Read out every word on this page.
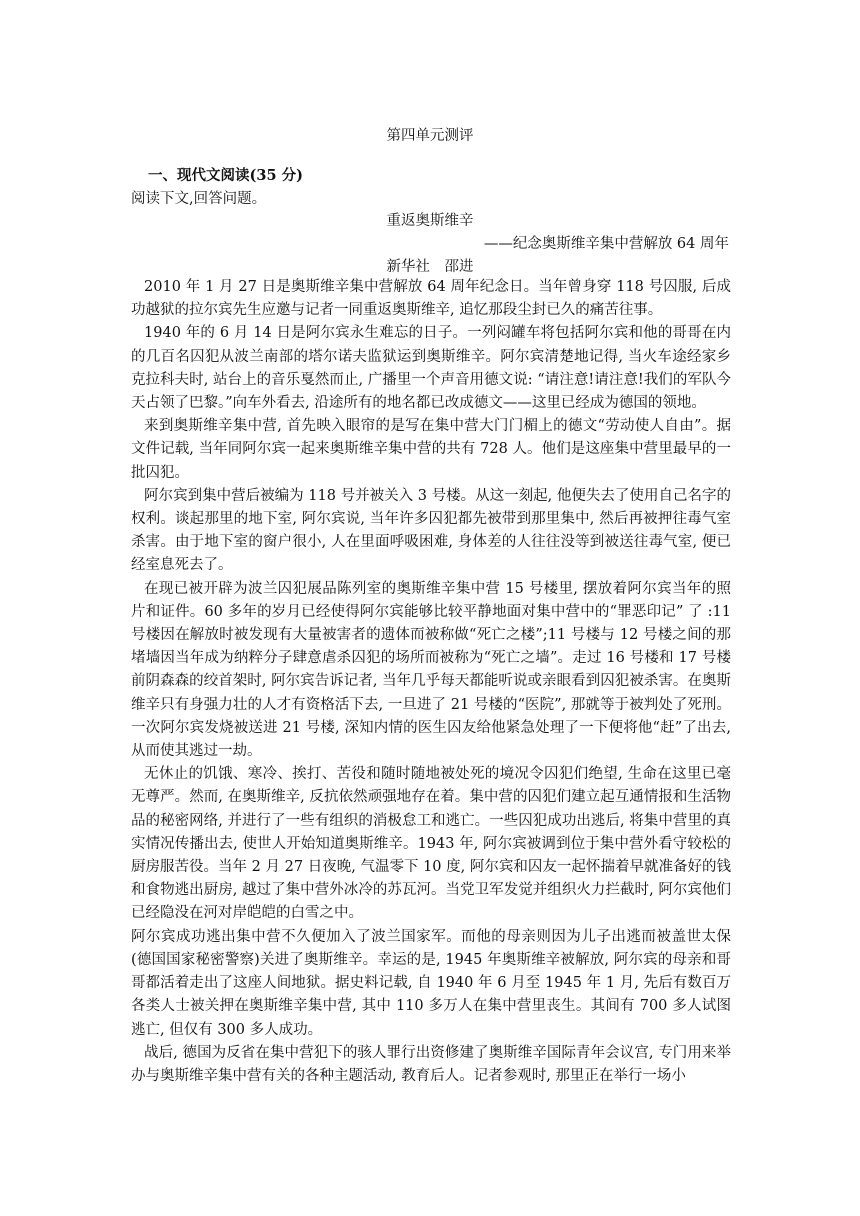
第四单元测评
一、现代文阅读(35 分)
阅读下文,回答问题。
重返奥斯维辛
——纪念奥斯维辛集中营解放 64 周年
新华社 邵进

2010 年 1 月 27 日是奥斯维辛集中营解放 64 周年纪念日。当年曾身穿 118 号囚服, 后成功越狱的拉尔宾先生应邀与记者一同重返奥斯维辛, 追忆那段尘封已久的痛苦往事。

1940 年的 6 月 14 日是阿尔宾永生难忘的日子。一列闷罐车将包括阿尔宾和他的哥哥在内的几百名囚犯从波兰南部的塔尔诺夫监狱运到奥斯维辛。阿尔宾清楚地记得, 当火车途经家乡克拉科夫时, 站台上的音乐戛然而止, 广播里一个声音用德文说: “请注意!请注意!我们的军队今天占领了巴黎。”向车外看去, 沿途所有的地名都已改成德文——这里已经成为德国的领地。

来到奥斯维辛集中营, 首先映入眼帘的是写在集中营大门门楣上的德文“劳动使人自由”。据文件记载, 当年同阿尔宾一起来奥斯维辛集中营的共有 728 人。他们是这座集中营里最早的一批囚犯。

阿尔宾到集中营后被编为 118 号并被关入 3 号楼。从这一刻起, 他便失去了使用自己名字的权利。谈起那里的地下室, 阿尔宾说, 当年许多囚犯都先被带到那里集中, 然后再被押往毒气室杀害。由于地下室的窗户很小, 人在里面呼吸困难, 身体差的人往往没等到被送往毒气室, 便已经室息死去了。

在现已被开辟为波兰囚犯展品陈列室的奥斯维辛集中营 15 号楼里, 摆放着阿尔宾当年的照片和证件。60 多年的岁月已经使得阿尔宾能够比较平静地面对集中营中的“罪恶印记” 了 :11 号楼因在解放时被发现有大量被害者的遗体而被称做“死亡之楼”;11 号楼与 12 号楼之间的那堵墙因当年成为纳粹分子肆意虐杀囚犯的场所而被称为“死亡之墙”。走过 16 号楼和 17 号楼前阴森森的绞首架时, 阿尔宾告诉记者, 当年几乎每天都能听说或亲眼看到囚犯被杀害。在奥斯维辛只有身强力壮的人才有资格活下去, 一旦进了 21 号楼的“医院”, 那就等于被判处了死刑。一次阿尔宾发烧被送进 21 号楼, 深知内情的医生囚友给他紧急处理了一下便将他“赶”了出去, 从而使其逃过一劫。

无休止的饥饿、寒冷、挨打、苦役和随时随地被处死的境况令囚犯们绝望, 生命在这里已毫无尊严。然而, 在奥斯维辛, 反抗依然顽强地存在着。集中营的囚犯们建立起互通情报和生活物品的秘密网络, 并进行了一些有组织的消极怠工和逃亡。一些囚犯成功出逃后, 将集中营里的真实情况传播出去, 使世人开始知道奥斯维辛。1943 年, 阿尔宾被调到位于集中营外看守较松的厨房服苦役。当年 2 月 27 日夜晚, 气温零下 10 度, 阿尔宾和囚友一起怀揣着早就准备好的钱和食物逃出厨房, 越过了集中营外冰冷的苏瓦河。当党卫军发觉并组织火力拦截时, 阿尔宾他们已经隐没在河对岸皑皑的白雪之中。

阿尔宾成功逃出集中营不久便加入了波兰国家军。而他的母亲则因为儿子出逃而被盖世太保(德国国家秘密警察)关进了奥斯维辛。幸运的是, 1945 年奥斯维辛被解放, 阿尔宾的母亲和哥哥都活着走出了这座人间地狱。据史料记载, 自 1940 年 6 月至 1945 年 1 月, 先后有数百万各类人士被关押在奥斯维辛集中营, 其中 110 多万人在集中营里丧生。其间有 700 多人试图逃亡, 但仅有 300 多人成功。

战后, 德国为反省在集中营犯下的骇人罪行出资修建了奥斯维辛国际青年会议宫, 专门用来举办与奥斯维辛集中营有关的各种主题活动, 教育后人。记者参观时, 那里正在举行一场小
